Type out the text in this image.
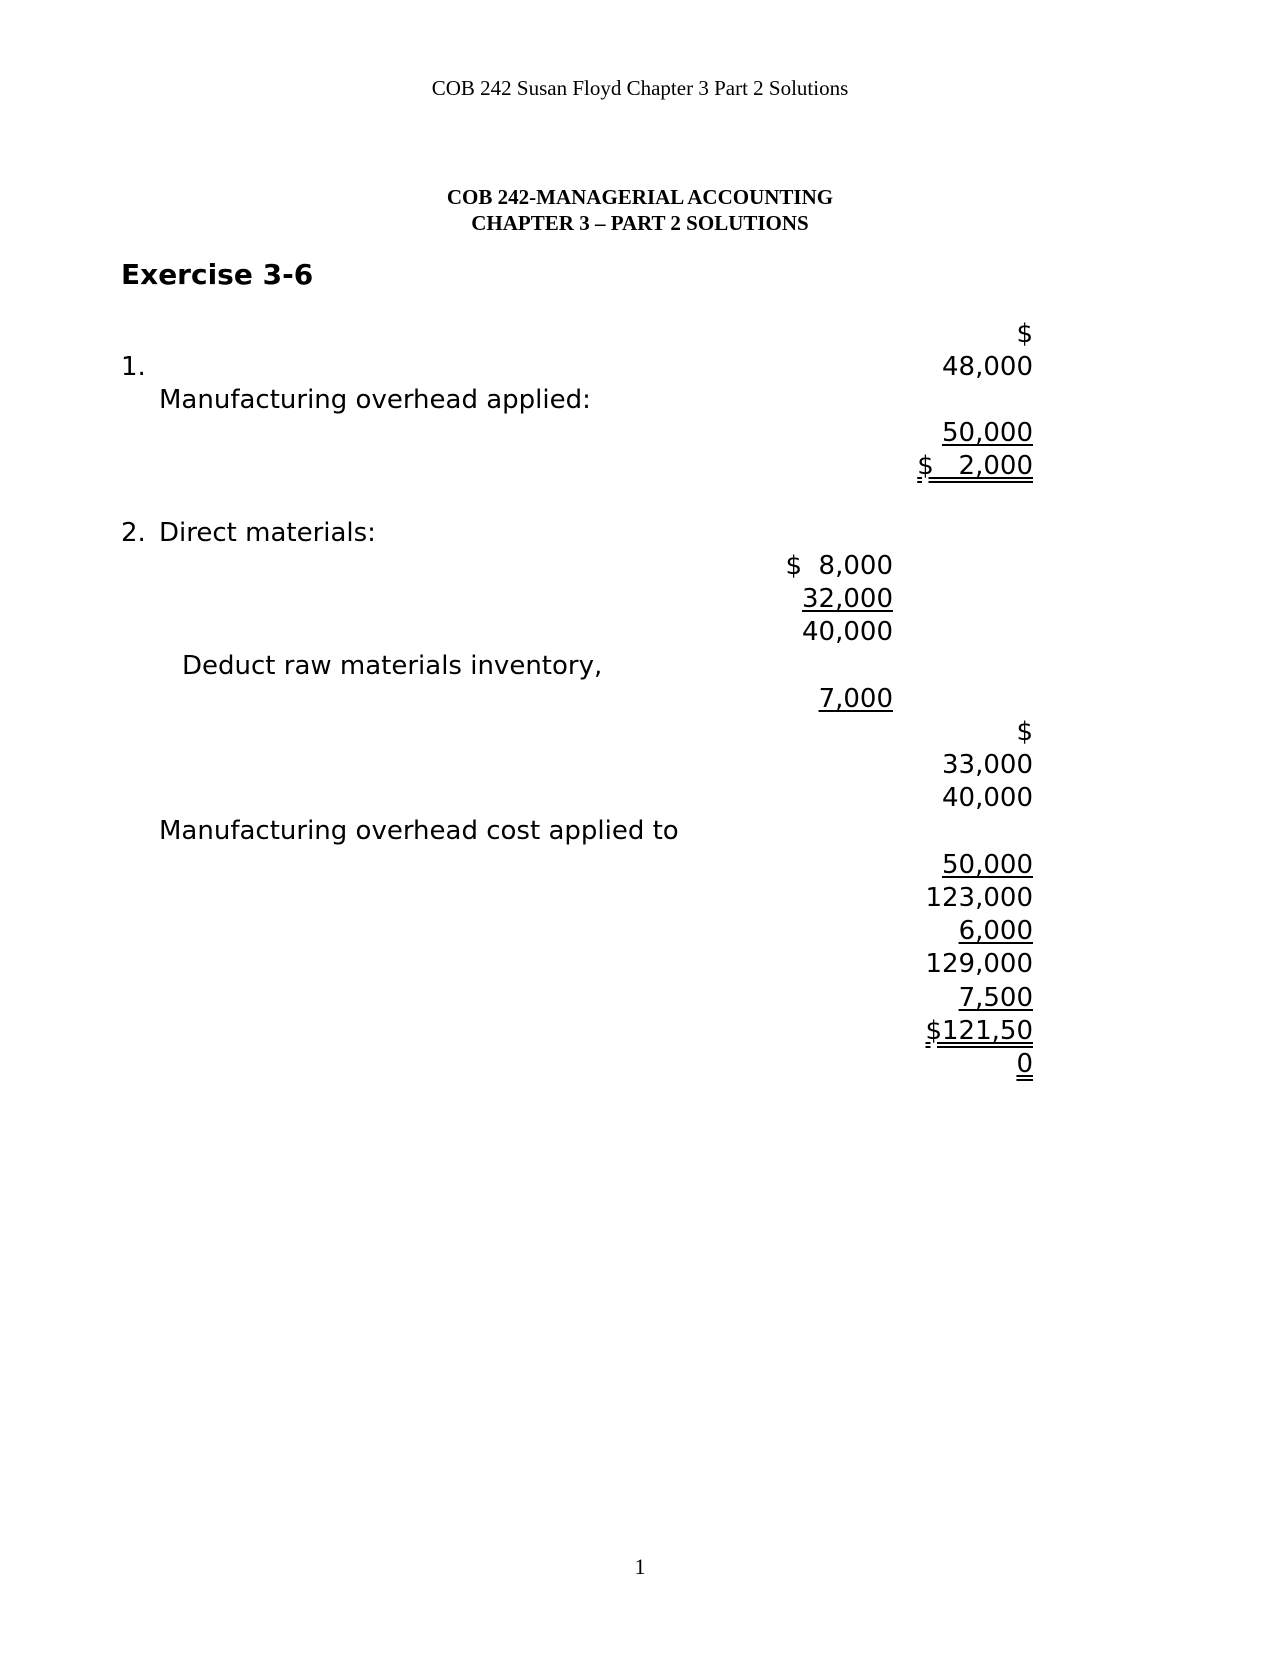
COB 242 Susan Floyd Chapter 3 Part 2 Solutions
COB 242-MANAGERIAL ACCOUNTING
CHAPTER 3 – PART 2 SOLUTIONS
Exercise 3-6
$
1.	48,000
Manufacturing overhead applied:
50,000
$   2,000
2. Direct materials:
$  8,000
32,000
40,000
Deduct raw materials inventory,
7,000
$
33,000
40,000
Manufacturing overhead cost applied to
50,000
123,000
6,000
129,000
7,500
$121,50
0
1
